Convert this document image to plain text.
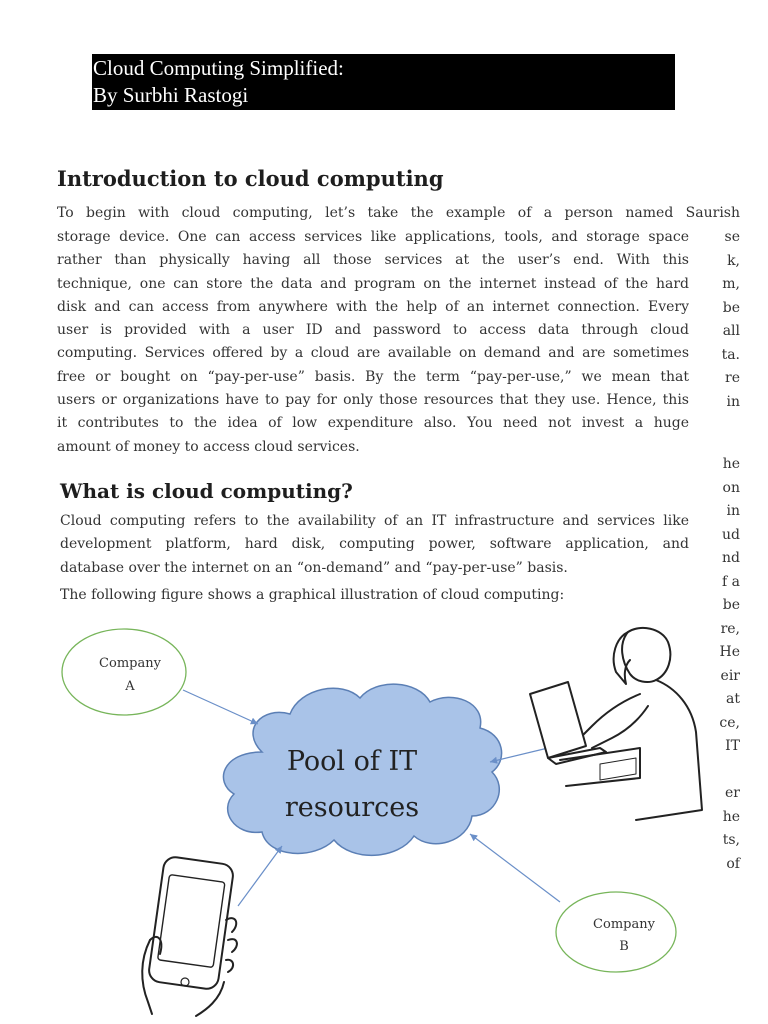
Cloud Computing Simplified:
By Surbhi Rastogi
se
k,
m,
be
all
ta.
re
in
he
on
in
ud
nd
f a
be
re,
He
eir
at
ce,
IT
er
he
ts,
of
Introduction to cloud computing
To begin with cloud computing, let’s take the example of a person named Saurish
storage device. One can access services like applications, tools, and storage space
rather than physically having all those services at the user’s end. With this
technique, one can store the data and program on the internet instead of the hard
disk and can access from anywhere with the help of an internet connection. Every
user is provided with a user ID and password to access data through cloud
computing. Services offered by a cloud are available on demand and are sometimes
free or bought on “pay-per-use” basis. By the term “pay-per-use,” we mean that
users or organizations have to pay for only those resources that they use. Hence, this
it contributes to the idea of low expenditure also. You need not invest a huge
amount of money to access cloud services.
What is cloud computing?
Cloud computing refers to the availability of an IT infrastructure and services like
development platform, hard disk, computing power, software application, and
database over the internet on an “on-demand” and “pay-per-use” basis.
The following figure shows a graphical illustration of cloud computing:
Pool of IT
resources
Company
A
Company
B
